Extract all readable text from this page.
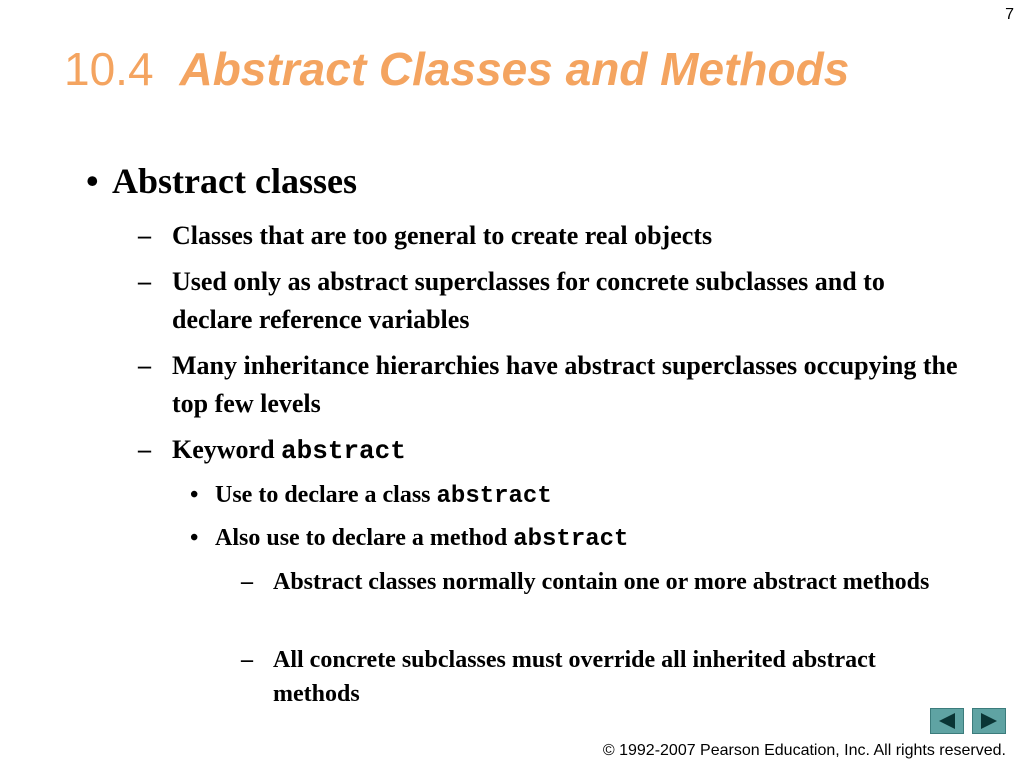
7
10.4 Abstract Classes and Methods
• Abstract classes
– Classes that are too general to create real objects
– Used only as abstract superclasses for concrete subclasses and to declare reference variables
– Many inheritance hierarchies have abstract superclasses occupying the top few levels
– Keyword abstract
• Use to declare a class abstract
• Also use to declare a method abstract
– Abstract classes normally contain one or more abstract methods
– All concrete subclasses must override all inherited abstract methods
© 1992-2007 Pearson Education, Inc. All rights reserved.
